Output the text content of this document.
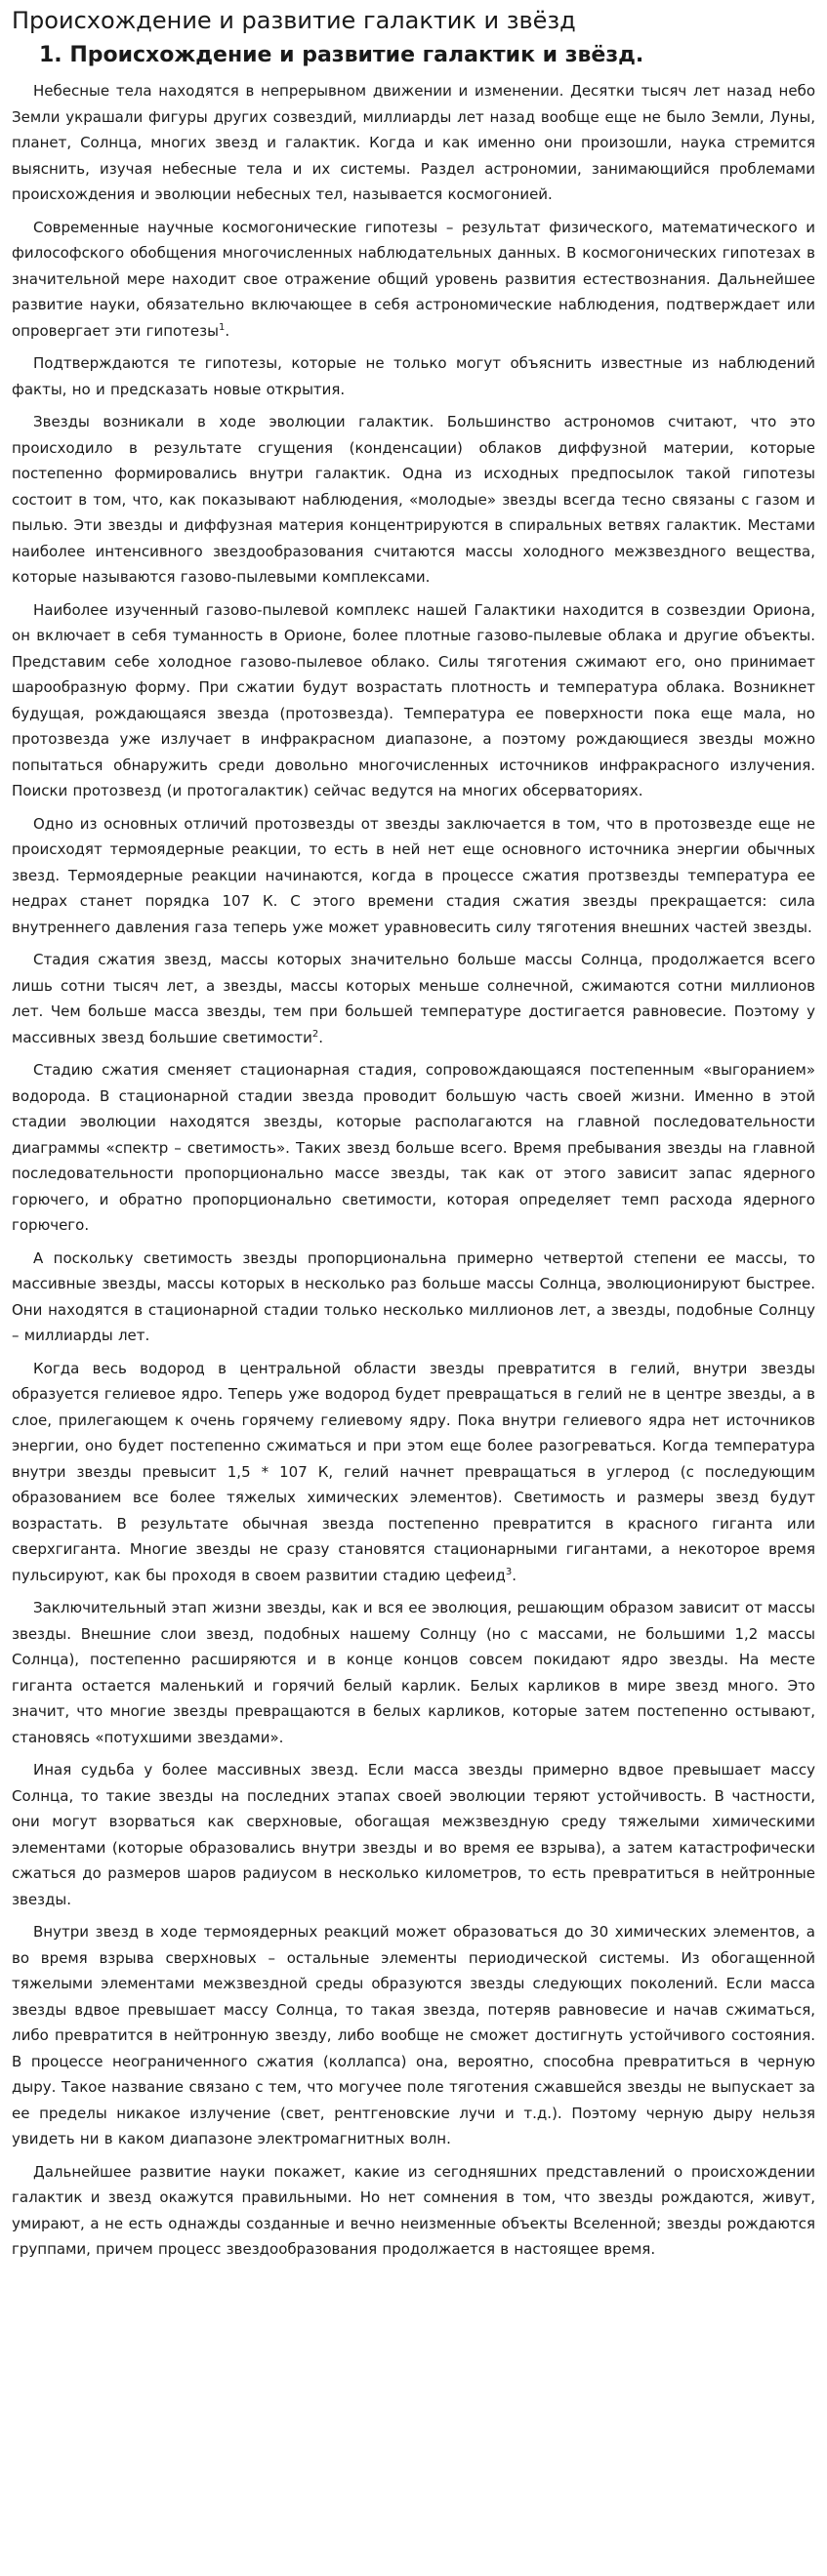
Происхождение и развитие галактик и звёзд
1. Происхождение и развитие галактик и звёзд.

Небесные тела находятся в непрерывном движении и изменении. Десятки тысяч лет назад небо Земли украшали фигуры других созвездий, миллиарды лет назад вообще еще не было Земли, Луны, планет, Солнца, многих звезд и галактик. Когда и как именно они произошли, наука стремится выяснить, изучая небесные тела и их системы. Раздел астрономии, занимающийся проблемами происхождения и эволюции небесных тел, называется космогонией.

Современные научные космогонические гипотезы – результат физического, математического и философского обобщения многочисленных наблюдательных данных. В космогонических гипотезах в значительной мере находит свое отражение общий уровень развития естествознания. Дальнейшее развитие науки, обязательно включающее в себя астрономические наблюдения, подтверждает или опровергает эти гипотезы$^1$.

Подтверждаются те гипотезы, которые не только могут объяснить известные из наблюдений факты, но и предсказать новые открытия.

Звезды возникали в ходе эволюции галактик. Большинство астрономов считают, что это происходило в результате сгущения (конденсации) облаков диффузной материи, которые постепенно формировались внутри галактик. Одна из исходных предпосылок такой гипотезы состоит в том, что, как показывают наблюдения, «молодые» звезды всегда тесно связаны с газом и пылью. Эти звезды и диффузная материя концентрируются в спиральных ветвях галактик. Местами наиболее интенсивного звездообразования считаются массы холодного межзвездного вещества, которые называются газово-пылевыми комплексами.

Наиболее изученный газово-пылевой комплекс нашей Галактики находится в созвездии Ориона, он включает в себя туманность в Орионе, более плотные газово-пылевые облака и другие объекты. Представим себе холодное газово-пылевое облако. Силы тяготения сжимают его, оно принимает шарообразную форму. При сжатии будут возрастать плотность и температура облака. Возникнет будущая, рождающаяся звезда (протозвезда). Температура ее поверхности пока еще мала, но протозвезда уже излучает в инфракрасном диапазоне, а поэтому рождающиеся звезды можно попытаться обнаружить среди довольно многочисленных источников инфракрасного излучения. Поиски протозвезд (и протогалактик) сейчас ведутся на многих обсерваториях.

Одно из основных отличий протозвезды от звезды заключается в том, что в протозвезде еще не происходят термоядерные реакции, то есть в ней нет еще основного источника энергии обычных звезд. Термоядерные реакции начинаются, когда в процессе сжатия протзвезды температура ее недрах станет порядка 107 К. С этого времени стадия сжатия звезды прекращается: сила внутреннего давления газа теперь уже может уравновесить силу тяготения внешних частей звезды.

Стадия сжатия звезд, массы которых значительно больше массы Солнца, продолжается всего лишь сотни тысяч лет, а звезды, массы которых меньше солнечной, сжимаются сотни миллионов лет. Чем больше масса звезды, тем при большей температуре достигается равновесие. Поэтому у массивных звезд большие светимости$^2$.

Стадию сжатия сменяет стационарная стадия, сопровождающаяся постепенным «выгоранием» водорода. В стационарной стадии звезда проводит большую часть своей жизни. Именно в этой стадии эволюции находятся звезды, которые располагаются на главной последовательности диаграммы «спектр – светимость». Таких звезд больше всего. Время пребывания звезды на главной последовательности пропорционально массе звезды, так как от этого зависит запас ядерного горючего, и обратно пропорционально светимости, которая определяет темп расхода ядерного горючего.

А поскольку светимость звезды пропорциональна примерно четвертой степени ее массы, то массивные звезды, массы которых в несколько раз больше массы Солнца, эволюционируют быстрее. Они находятся в стационарной стадии только несколько миллионов лет, а звезды, подобные Солнцу – миллиарды лет.

Когда весь водород в центральной области звезды превратится в гелий, внутри звезды образуется гелиевое ядро. Теперь уже водород будет превращаться в гелий не в центре звезды, а в слое, прилегающем к очень горячему гелиевому ядру. Пока внутри гелиевого ядра нет источников энергии, оно будет постепенно сжиматься и при этом еще более разогреваться. Когда температура внутри звезды превысит 1,5 * 107 К, гелий начнет превращаться в углерод (с последующим образованием все более тяжелых химических элементов). Светимость и размеры звезд будут возрастать. В результате обычная звезда постепенно превратится в красного гиганта или сверхгиганта. Многие звезды не сразу становятся стационарными гигантами, а некоторое время пульсируют, как бы проходя в своем развитии стадию цефеид$^3$.

Заключительный этап жизни звезды, как и вся ее эволюция, решающим образом зависит от массы звезды. Внешние слои звезд, подобных нашему Солнцу (но с массами, не большими 1,2 массы Солнца), постепенно расширяются и в конце концов совсем покидают ядро звезды. На месте гиганта остается маленький и горячий белый карлик. Белых карликов в мире звезд много. Это значит, что многие звезды превращаются в белых карликов, которые затем постепенно остывают, становясь «потухшими звездами».

Иная судьба у более массивных звезд. Если масса звезды примерно вдвое превышает массу Солнца, то такие звезды на последних этапах своей эволюции теряют устойчивость. В частности, они могут взорваться как сверхновые, обогащая межзвездную среду тяжелыми химическими элементами (которые образовались внутри звезды и во время ее взрыва), а затем катастрофически сжаться до размеров шаров радиусом в несколько километров, то есть превратиться в нейтронные звезды.

Внутри звезд в ходе термоядерных реакций может образоваться до 30 химических элементов, а во время взрыва сверхновых – остальные элементы периодической системы. Из обогащенной тяжелыми элементами межзвездной среды образуются звезды следующих поколений. Если масса звезды вдвое превышает массу Солнца, то такая звезда, потеряв равновесие и начав сжиматься, либо превратится в нейтронную звезду, либо вообще не сможет достигнуть устойчивого состояния. В процессе неограниченного сжатия (коллапса) она, вероятно, способна превратиться в черную дыру. Такое название связано с тем, что могучее поле тяготения сжавшейся звезды не выпускает за ее пределы никакое излучение (свет, рентгеновские лучи и т.д.). Поэтому черную дыру нельзя увидеть ни в каком диапазоне электромагнитных волн.

Дальнейшее развитие науки покажет, какие из сегодняшних представлений о происхождении галактик и звезд окажутся правильными. Но нет сомнения в том, что звезды рождаются, живут, умирают, а не есть однажды созданные и вечно неизменные объекты Вселенной; звезды рождаются группами, причем процесс звездообразования продолжается в настоящее время.
